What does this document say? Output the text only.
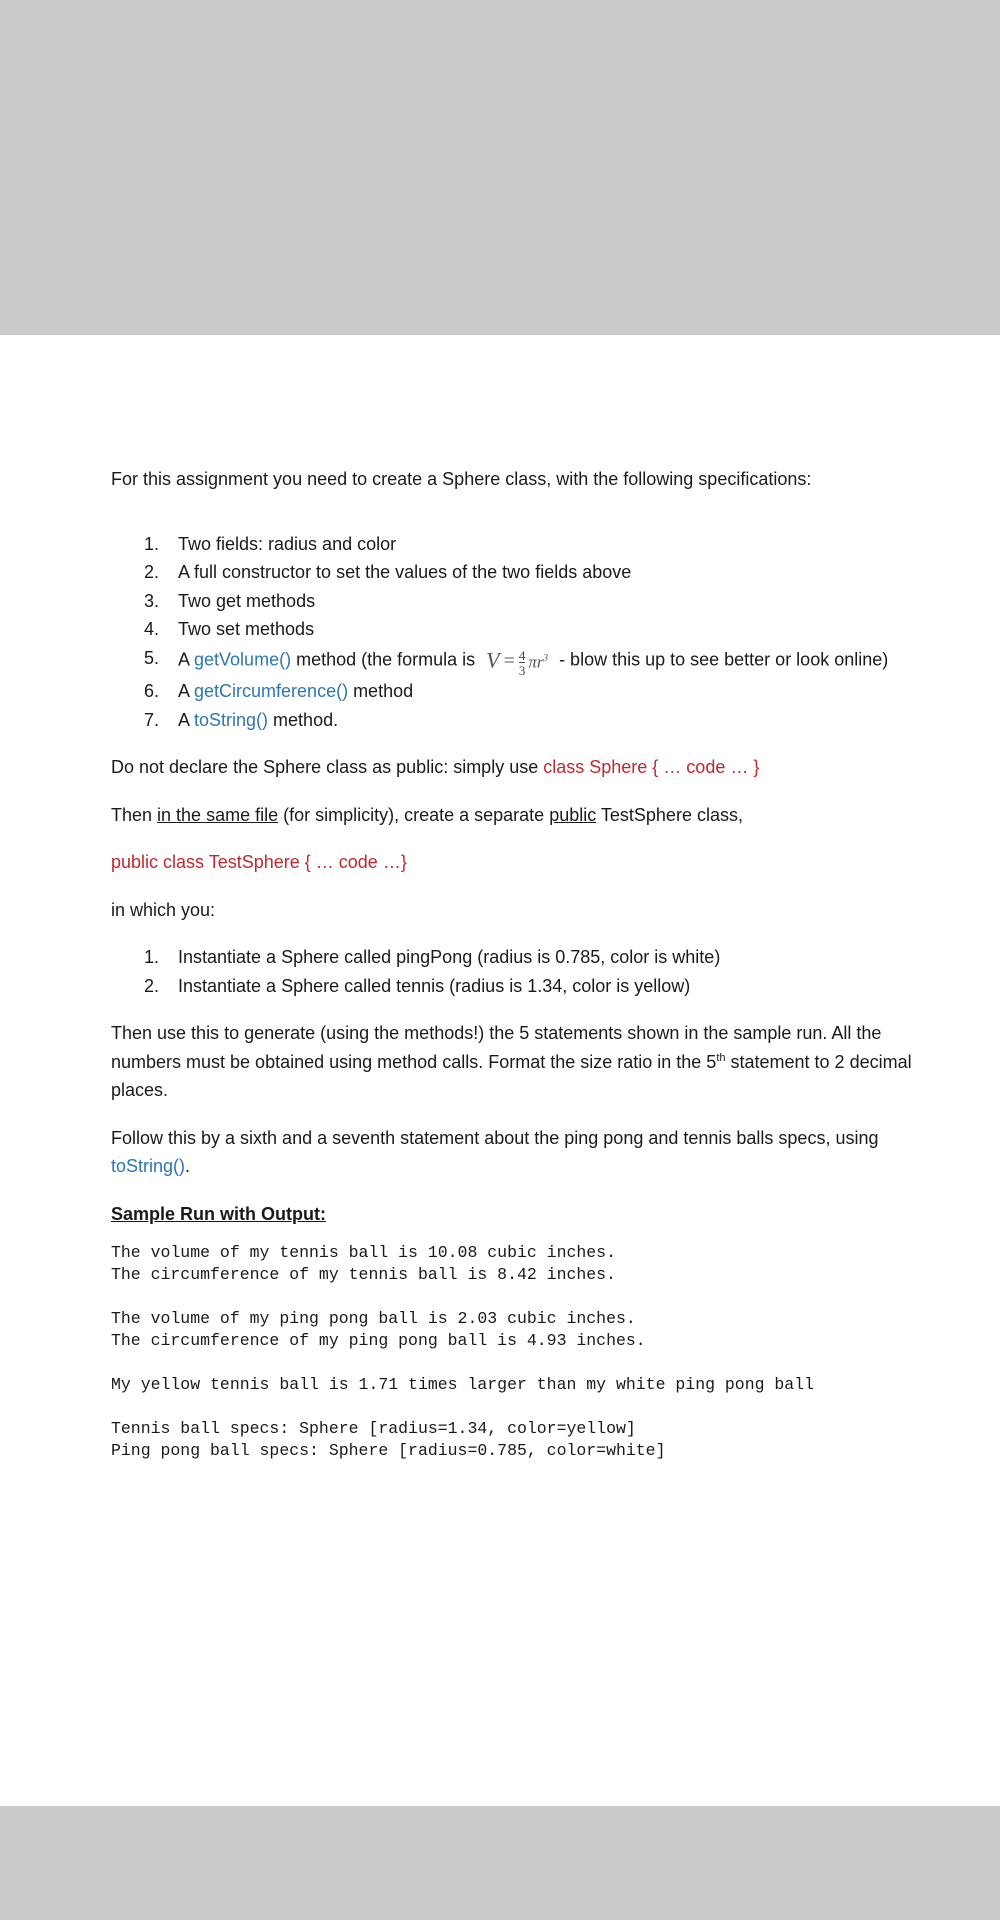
For this assignment you need to create a Sphere class, with the following specifications:

1. Two fields: radius and color
2. A full constructor to set the values of the two fields above
3. Two get methods
4. Two set methods
5. A getVolume() method (the formula is $V = \frac{4}{3} \pi r^3$ - blow this up to see better or look online)
6. A getCircumference() method
7. A toString() method.

Do not declare the Sphere class as public: simply use class Sphere { … code … }

Then in the same file (for simplicity), create a separate public TestSphere class,

public class TestSphere { … code …}

in which you:

1. Instantiate a Sphere called pingPong (radius is 0.785, color is white)
2. Instantiate a Sphere called tennis (radius is 1.34, color is yellow)

Then use this to generate (using the methods!) the 5 statements shown in the sample run. All the
numbers must be obtained using method calls. Format the size ratio in the 5th statement to 2 decimal
places.

Follow this by a sixth and a seventh statement about the ping pong and tennis balls specs, using
toString().

Sample Run with Output:

The volume of my tennis ball is 10.08 cubic inches.
The circumference of my tennis ball is 8.42 inches.
The volume of my ping pong ball is 2.03 cubic inches.
The circumference of my ping pong ball is 4.93 inches.
My yellow tennis ball is 1.71 times larger than my white ping pong ball
Tennis ball specs: Sphere [radius=1.34, color=yellow]
Ping pong ball specs: Sphere [radius=0.785, color=white]
